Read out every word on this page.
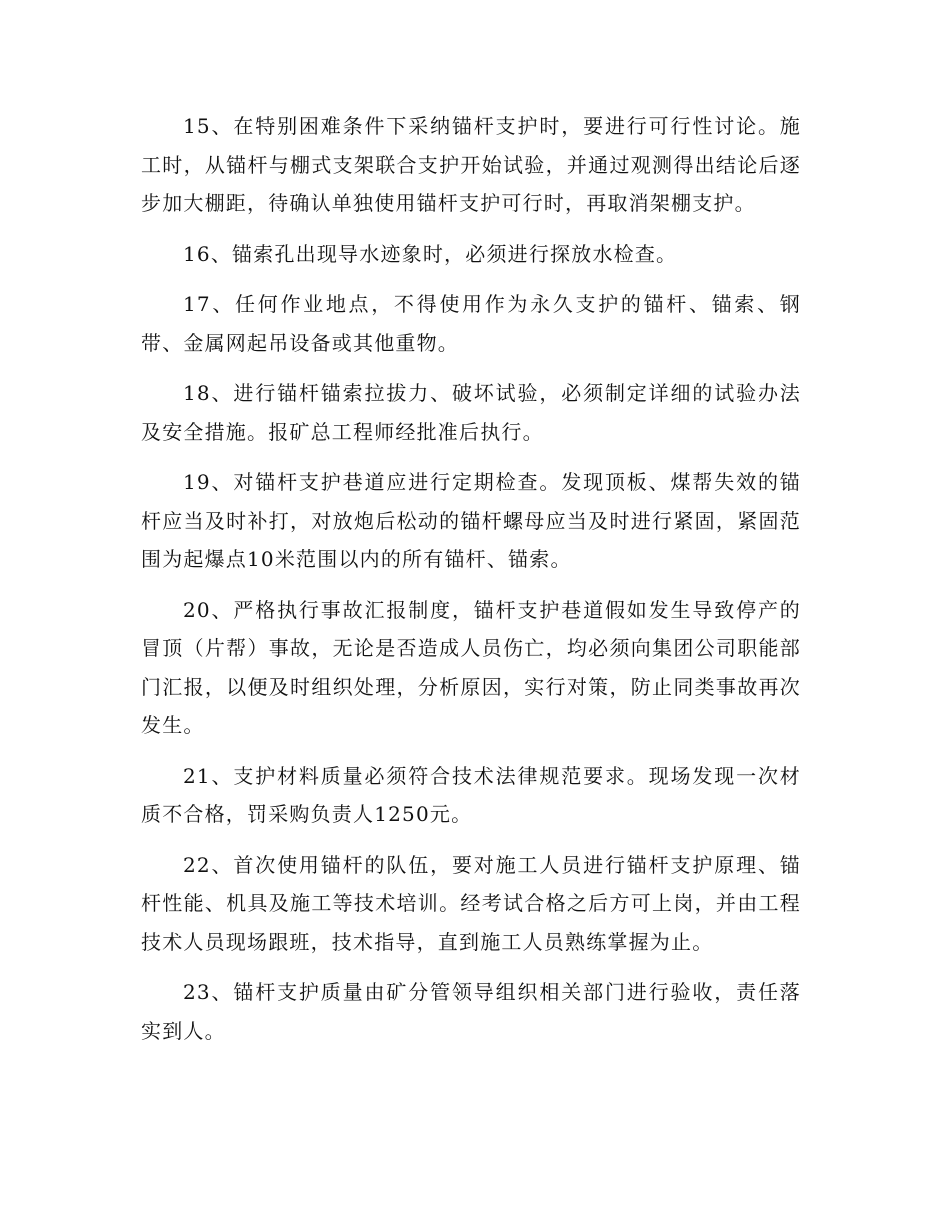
15、在特别困难条件下采纳锚杆支护时，要进行可行性讨论。施工时，从锚杆与棚式支架联合支护开始试验，并通过观测得出结论后逐步加大棚距，待确认单独使用锚杆支护可行时，再取消架棚支护。

16、锚索孔出现导水迹象时，必须进行探放水检查。

17、任何作业地点，不得使用作为永久支护的锚杆、锚索、钢带、金属网起吊设备或其他重物。

18、进行锚杆锚索拉拔力、破坏试验，必须制定详细的试验办法及安全措施。报矿总工程师经批准后执行。

19、对锚杆支护巷道应进行定期检查。发现顶板、煤帮失效的锚杆应当及时补打，对放炮后松动的锚杆螺母应当及时进行紧固，紧固范围为起爆点10米范围以内的所有锚杆、锚索。

20、严格执行事故汇报制度，锚杆支护巷道假如发生导致停产的冒顶（片帮）事故，无论是否造成人员伤亡，均必须向集团公司职能部门汇报，以便及时组织处理，分析原因，实行对策，防止同类事故再次发生。

21、支护材料质量必须符合技术法律规范要求。现场发现一次材质不合格，罚采购负责人1250元。

22、首次使用锚杆的队伍，要对施工人员进行锚杆支护原理、锚杆性能、机具及施工等技术培训。经考试合格之后方可上岗，并由工程技术人员现场跟班，技术指导，直到施工人员熟练掌握为止。

23、锚杆支护质量由矿分管领导组织相关部门进行验收，责任落实到人。
